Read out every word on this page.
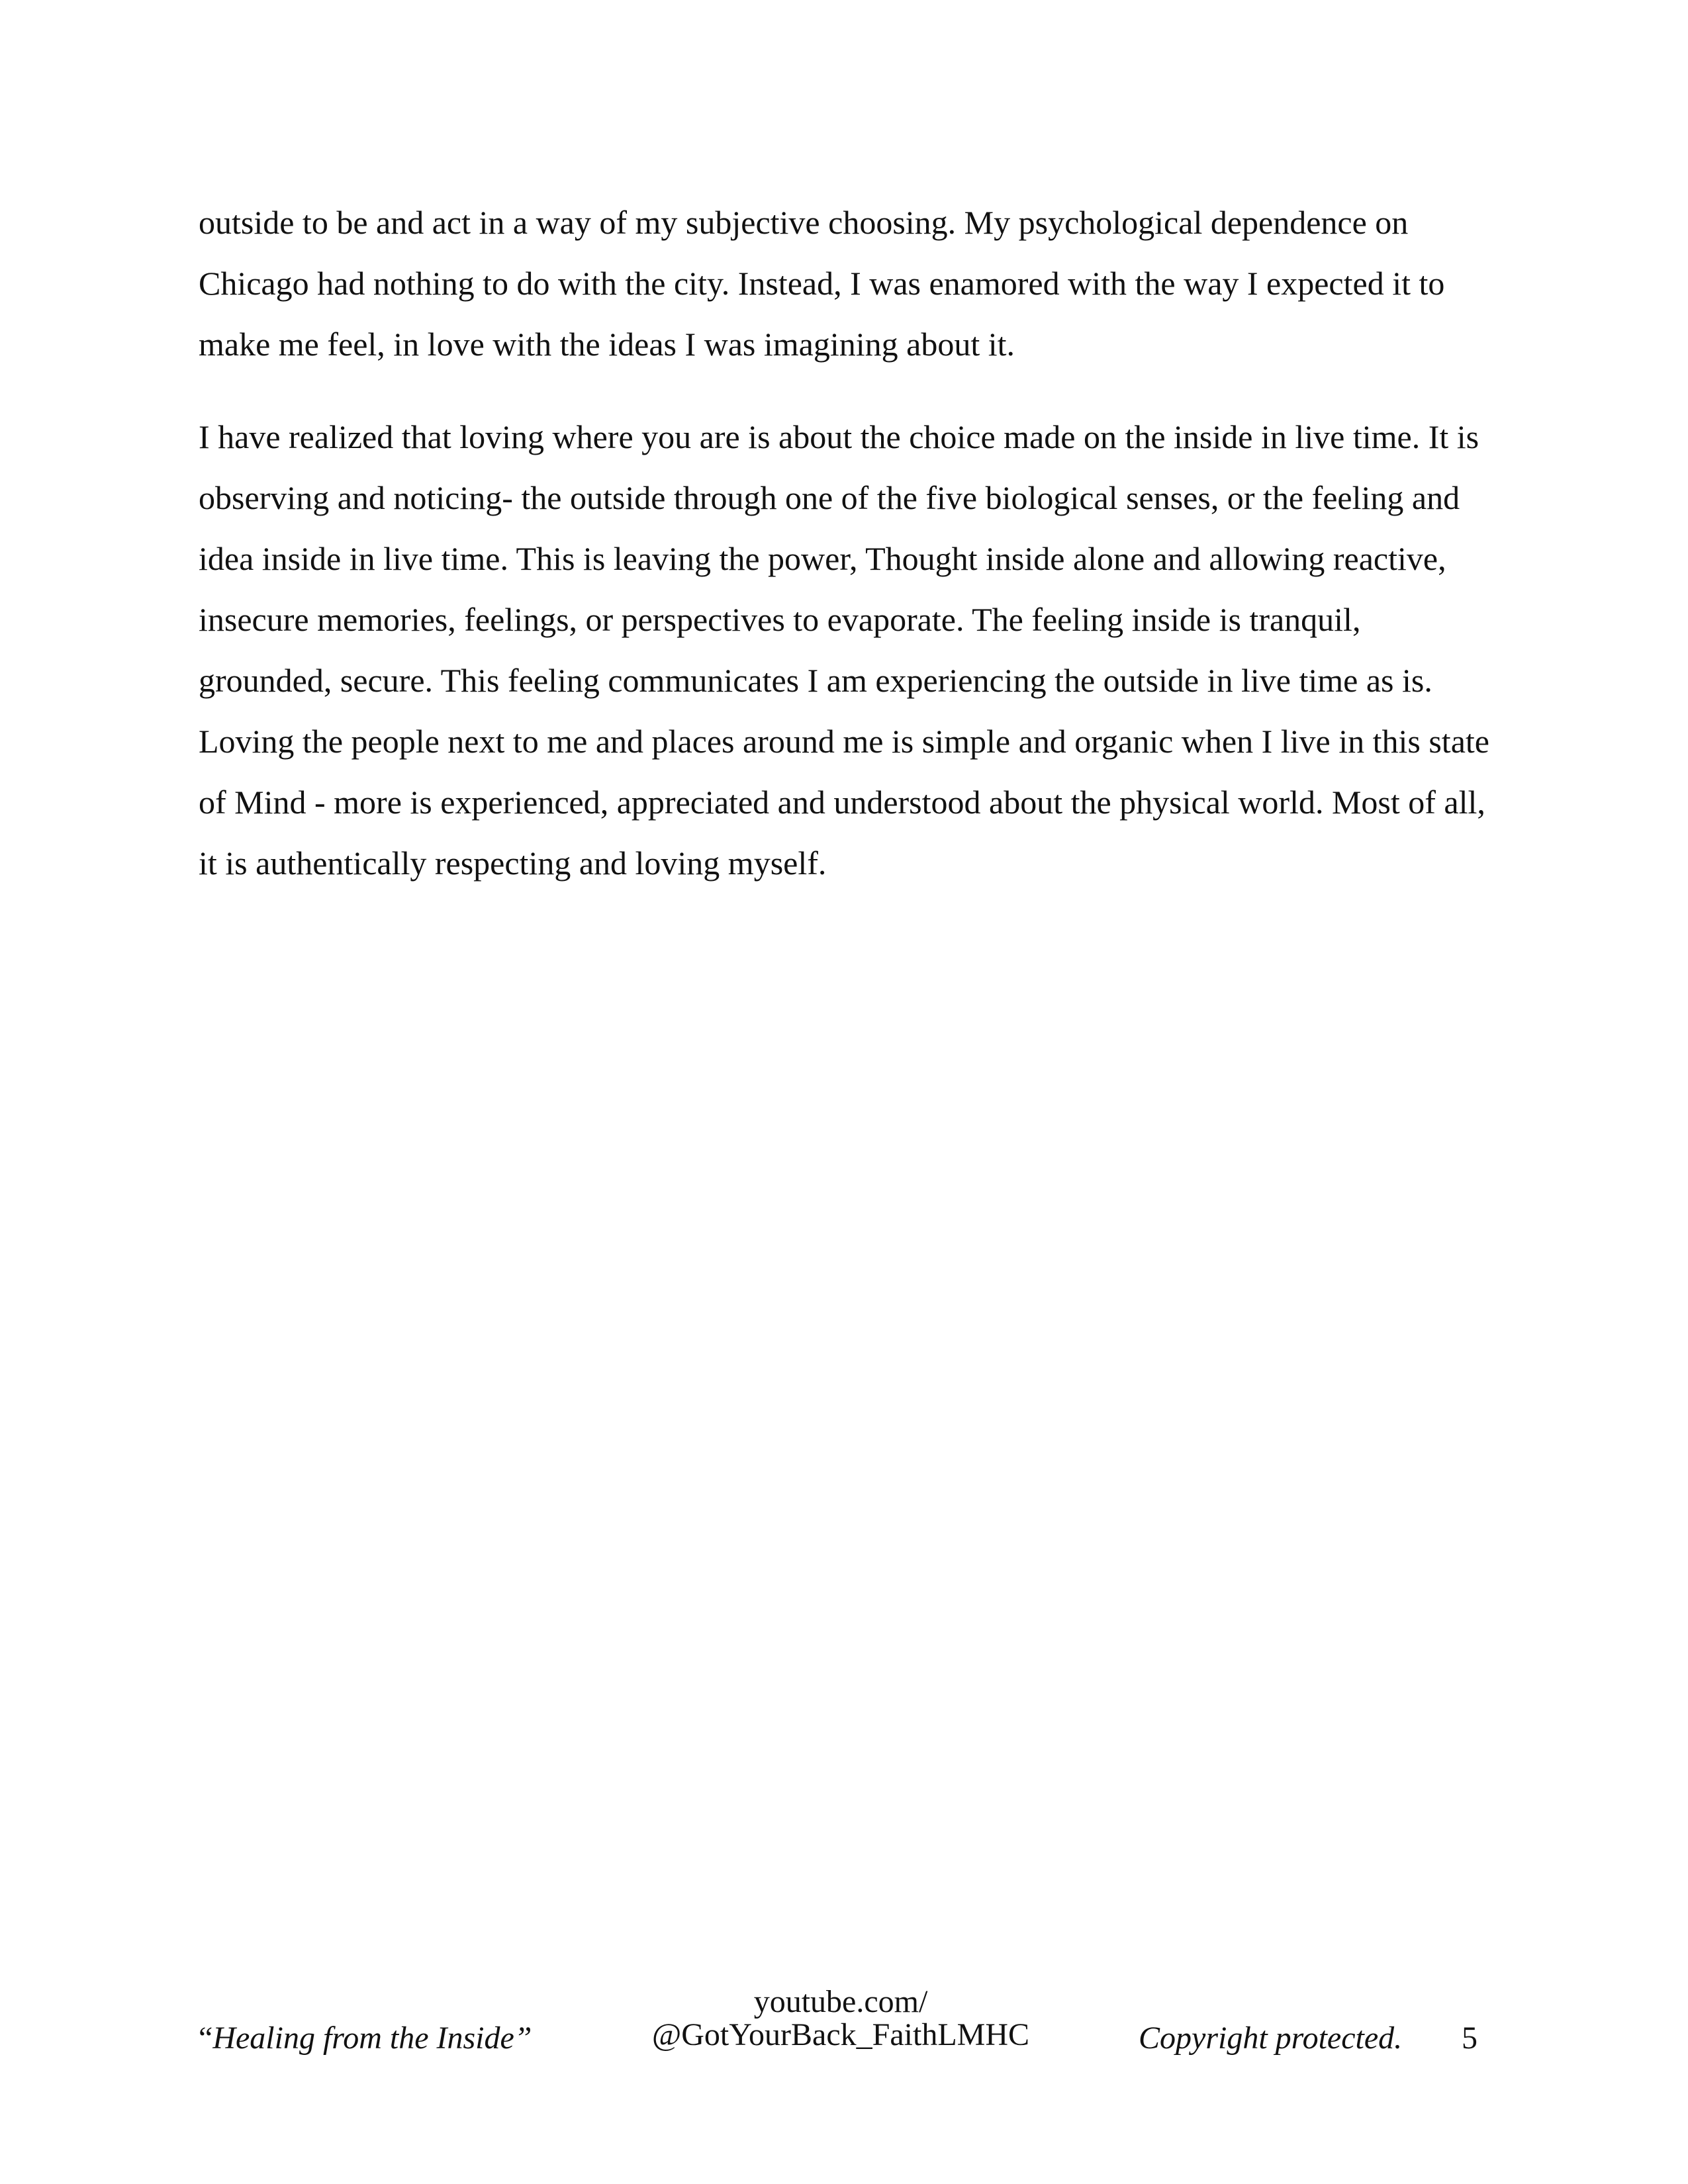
outside to be and act in a way of my subjective choosing. My psychological dependence on
Chicago had nothing to do with the city. Instead, I was enamored with the way I expected it to
make me feel, in love with the ideas I was imagining about it.

I have realized that loving where you are is about the choice made on the inside in live time. It is
observing and noticing- the outside through one of the five biological senses, or the feeling and
idea inside in live time. This is leaving the power, Thought inside alone and allowing reactive,
insecure memories, feelings, or perspectives to evaporate. The feeling inside is tranquil,
grounded, secure. This feeling communicates I am experiencing the outside in live time as is.
Loving the people next to me and places around me is simple and organic when I live in this state
of Mind - more is experienced, appreciated and understood about the physical world. Most of all,
it is authentically respecting and loving myself.

“Healing from the Inside”
youtube.com/
@GotYourBack_FaithLMHC	Copyright protected. 5
